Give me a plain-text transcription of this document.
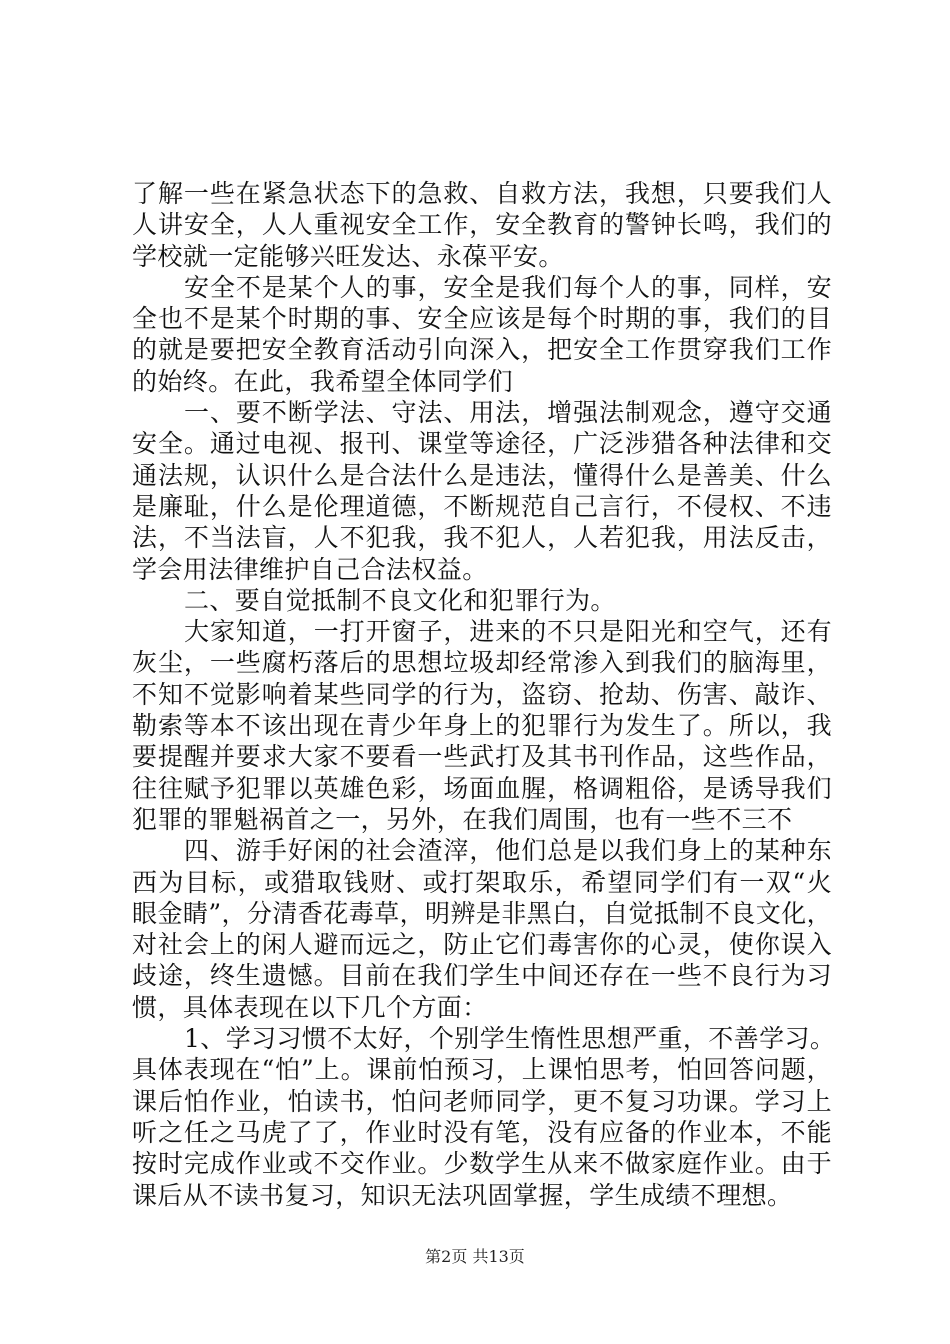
了解一些在紧急状态下的急救、自救方法，我想，只要我们人
人讲安全，人人重视安全工作，安全教育的警钟长鸣，我们的
学校就一定能够兴旺发达、永葆平安。
安全不是某个人的事，安全是我们每个人的事，同样，安
全也不是某个时期的事、安全应该是每个时期的事，我们的目
的就是要把安全教育活动引向深入，把安全工作贯穿我们工作
的始终。在此，我希望全体同学们
一、要不断学法、守法、用法，增强法制观念，遵守交通
安全。通过电视、报刊、课堂等途径，广泛涉猎各种法律和交
通法规，认识什么是合法什么是违法，懂得什么是善美、什么
是廉耻，什么是伦理道德，不断规范自己言行，不侵权、不违
法，不当法盲，人不犯我，我不犯人，人若犯我，用法反击，
学会用法律维护自己合法权益。
二、要自觉抵制不良文化和犯罪行为。
大家知道，一打开窗子，进来的不只是阳光和空气，还有
灰尘，一些腐朽落后的思想垃圾却经常渗入到我们的脑海里，
不知不觉影响着某些同学的行为，盗窃、抢劫、伤害、敲诈、
勒索等本不该出现在青少年身上的犯罪行为发生了。所以，我
要提醒并要求大家不要看一些武打及其书刊作品，这些作品，
往往赋予犯罪以英雄色彩，场面血腥，格调粗俗，是诱导我们
犯罪的罪魁祸首之一，另外，在我们周围，也有一些不三不
四、游手好闲的社会渣滓，他们总是以我们身上的某种东
西为目标，或猎取钱财、或打架取乐，希望同学们有一双“火
眼金睛”，分清香花毒草，明辨是非黑白，自觉抵制不良文化，
对社会上的闲人避而远之，防止它们毒害你的心灵，使你误入
歧途，终生遗憾。目前在我们学生中间还存在一些不良行为习
惯，具体表现在以下几个方面：
1、学习习惯不太好，个别学生惰性思想严重，不善学习。
具体表现在“怕”上。课前怕预习，上课怕思考，怕回答问题，
课后怕作业，怕读书，怕问老师同学，更不复习功课。学习上
听之任之马虎了了，作业时没有笔，没有应备的作业本，不能
按时完成作业或不交作业。少数学生从来不做家庭作业。由于
课后从不读书复习，知识无法巩固掌握，学生成绩不理想。
第2页 共13页
